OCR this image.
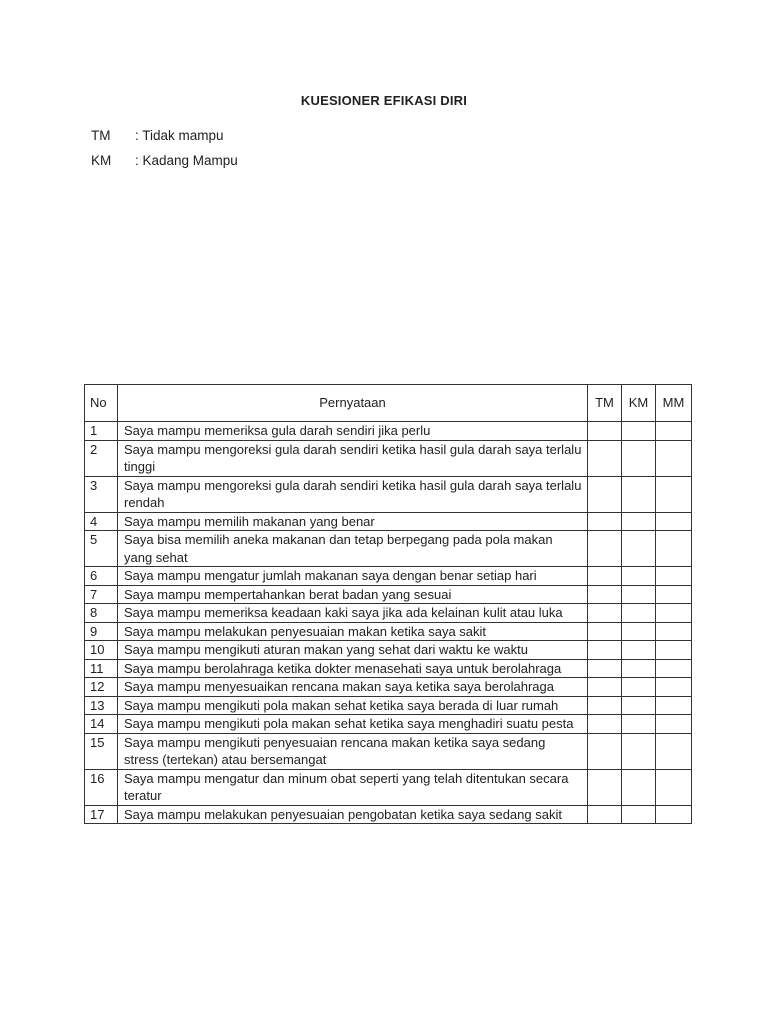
KUESIONER EFIKASI DIRI
TM : Tidak mampu
KM : Kadang Mampu
No	Pernyataan	TM	KM	MM
1	Saya mampu memeriksa gula darah sendiri jika perlu			
2	Saya mampu mengoreksi gula darah sendiri ketika hasil gula darah saya terlalu tinggi			
3	Saya mampu mengoreksi gula darah sendiri ketika hasil gula darah saya terlalu rendah			
4	Saya mampu memilih makanan yang benar			
5	Saya bisa memilih aneka makanan dan tetap berpegang pada pola makan yang sehat			
6	Saya mampu mengatur jumlah makanan saya dengan benar setiap hari			
7	Saya mampu mempertahankan berat badan yang sesuai			
8	Saya mampu memeriksa keadaan kaki saya jika ada kelainan kulit atau luka			
9	Saya mampu melakukan penyesuaian makan ketika saya sakit			
10	Saya mampu mengikuti aturan makan yang sehat dari waktu ke waktu			
11	Saya mampu berolahraga ketika dokter menasehati saya untuk berolahraga			
12	Saya mampu menyesuaikan rencana makan saya ketika saya berolahraga			
13	Saya mampu mengikuti pola makan sehat ketika saya berada di luar rumah			
14	Saya mampu mengikuti pola makan sehat ketika saya menghadiri suatu pesta			
15	Saya mampu mengikuti penyesuaian rencana makan ketika saya sedang stress (tertekan) atau bersemangat			
16	Saya mampu mengatur dan minum obat seperti yang telah ditentukan secara teratur			
17	Saya mampu melakukan penyesuaian pengobatan ketika saya sedang sakit			
